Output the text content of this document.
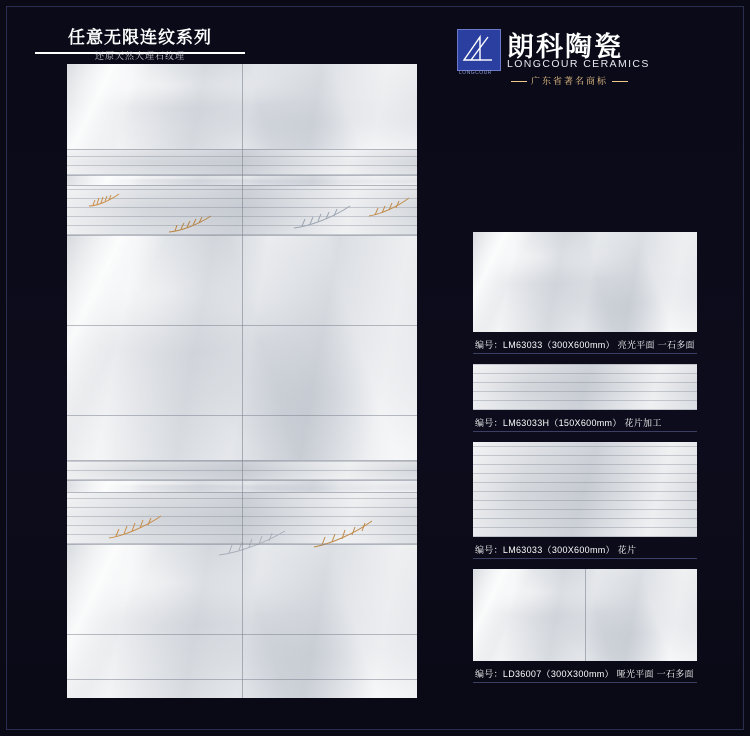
任意无限连纹系列
还原天然大理石纹理
LONGCOUR
朗科陶瓷
LONGCOUR CERAMICS
广东省著名商标
编号：LM63033（300X600mm） 亮光平面 一石多面
编号：LM63033H（150X600mm） 花片加工
编号：LM63033（300X600mm） 花片
编号：LD36007（300X300mm） 哑光平面 一石多面
